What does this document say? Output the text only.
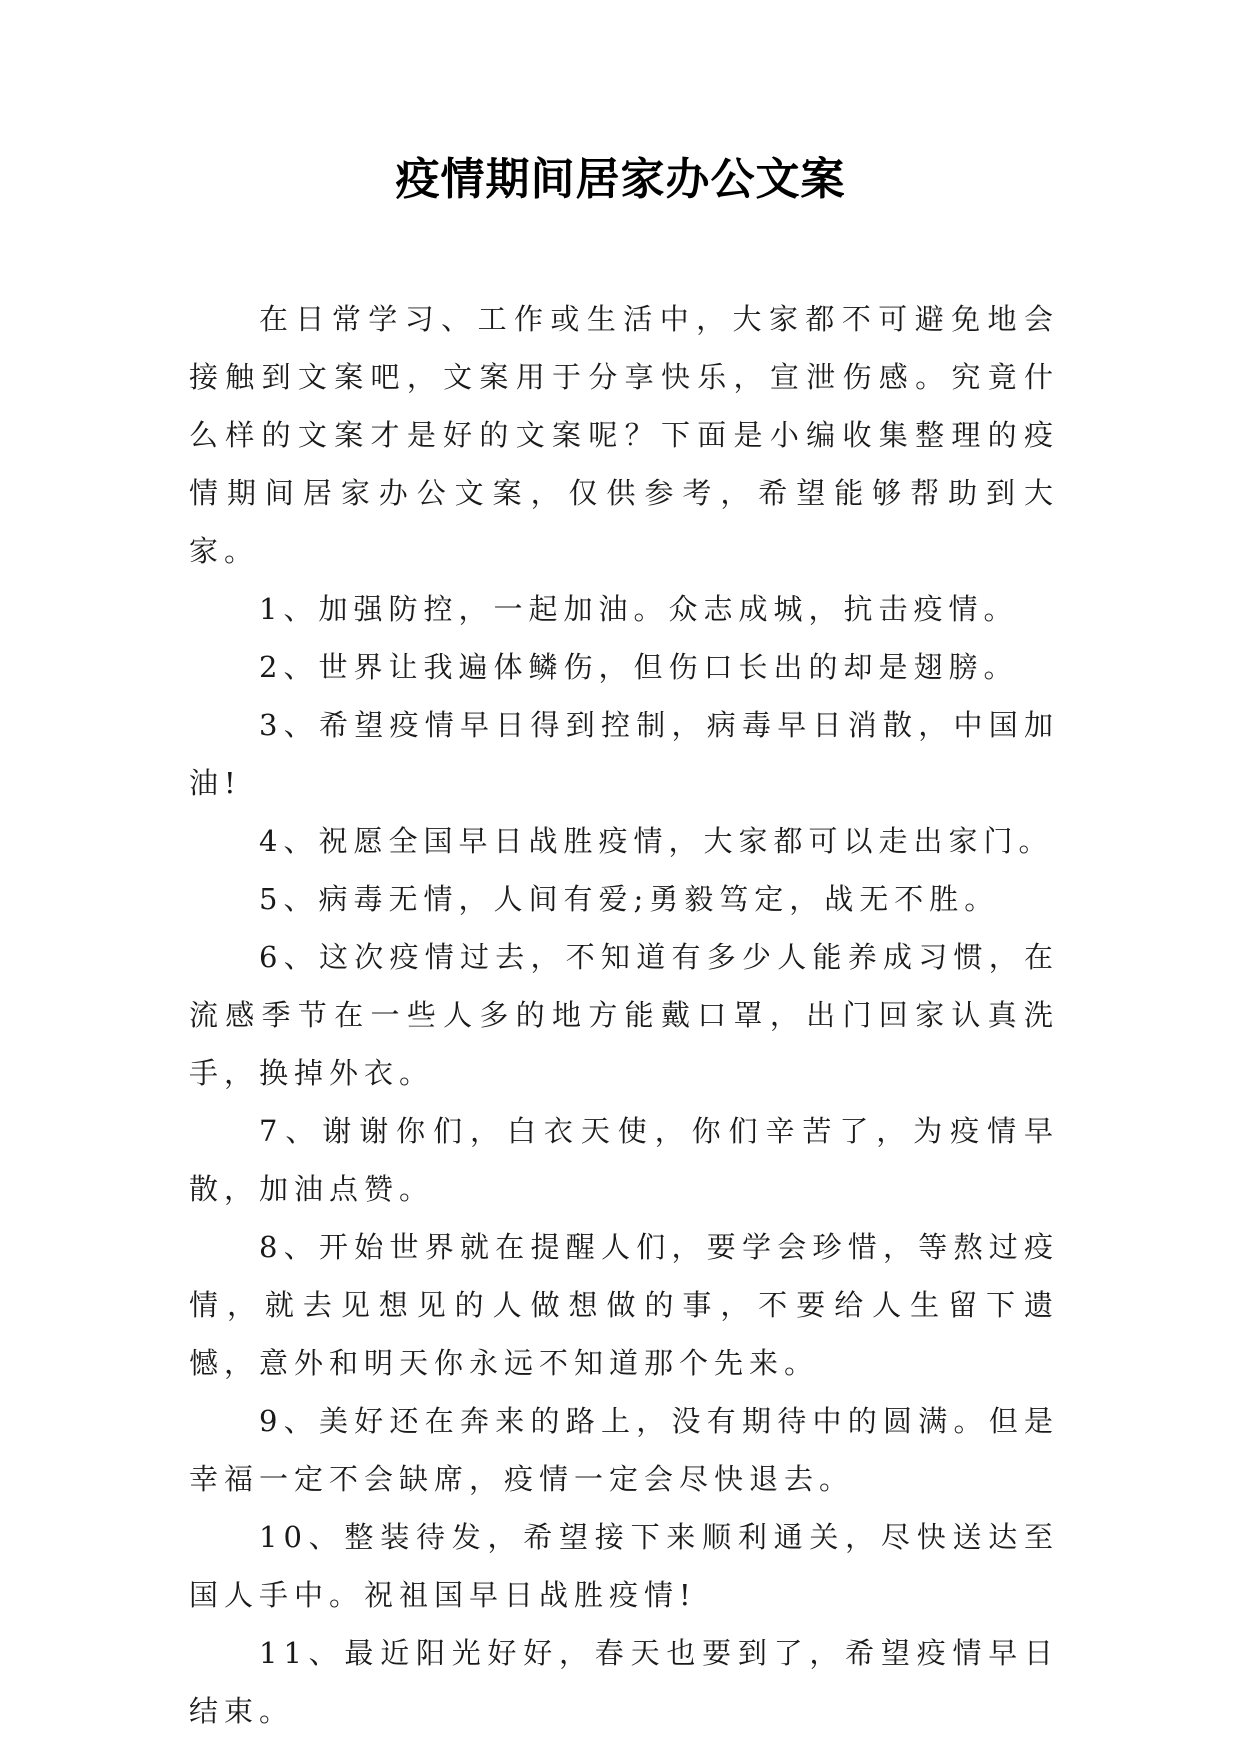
疫情期间居家办公文案

在日常学习、工作或生活中，大家都不可避免地会接触到文案吧，文案用于分享快乐，宣泄伤感。究竟什么样的文案才是好的文案呢？下面是小编收集整理的疫情期间居家办公文案，仅供参考，希望能够帮助到大家。

1、加强防控，一起加油。众志成城，抗击疫情。

2、世界让我遍体鳞伤，但伤口长出的却是翅膀。

3、希望疫情早日得到控制，病毒早日消散，中国加油!

4、祝愿全国早日战胜疫情，大家都可以走出家门。

5、病毒无情，人间有爱;勇毅笃定，战无不胜。

6、这次疫情过去，不知道有多少人能养成习惯，在流感季节在一些人多的地方能戴口罩，出门回家认真洗手，换掉外衣。

7、谢谢你们，白衣天使，你们辛苦了，为疫情早散，加油点赞。

8、开始世界就在提醒人们，要学会珍惜，等熬过疫情，就去见想见的人做想做的事，不要给人生留下遗憾，意外和明天你永远不知道那个先来。

9、美好还在奔来的路上，没有期待中的圆满。但是幸福一定不会缺席，疫情一定会尽快退去。

10、整装待发，希望接下来顺利通关，尽快送达至国人手中。祝祖国早日战胜疫情!

11、最近阳光好好，春天也要到了，希望疫情早日结束。
